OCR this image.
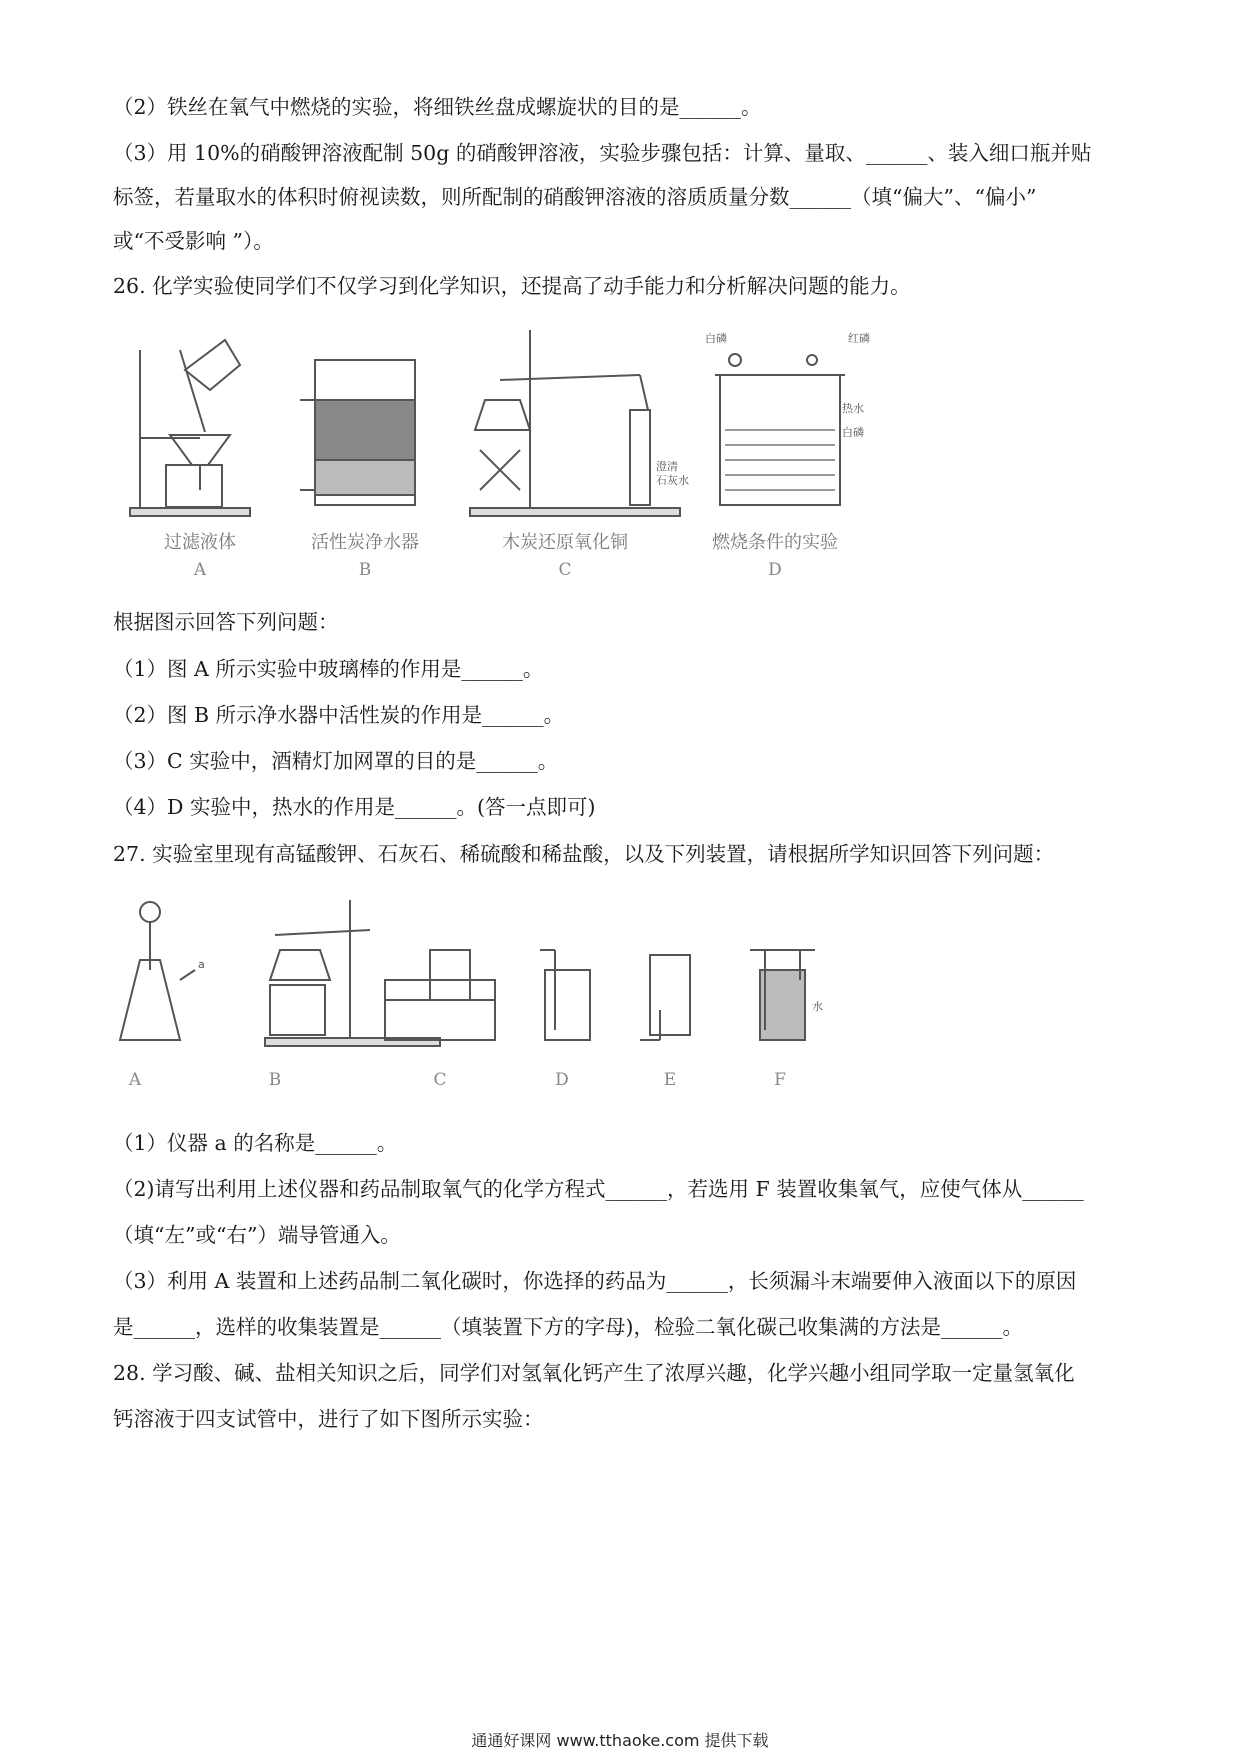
（2）铁丝在氧气中燃烧的实验，将细铁丝盘成螺旋状的目的是______。
（3）用 10%的硝酸钾溶液配制 50g 的硝酸钾溶液，实验步骤包括：计算、量取、______、装入细口瓶并贴
标签，若量取水的体积时俯视读数，则所配制的硝酸钾溶液的溶质质量分数______（填“偏大”、“偏小”
或“不受影响 ”）。
26. 化学实验使同学们不仅学习到化学知识，还提高了动手能力和分析解决问题的能力。
澄清
石灰水
白磷	红磷
热水
白磷
过滤液体	活性炭净水器	木炭还原氧化铜	燃烧条件的实验
A	B	C	D
根据图示回答下列问题：
（1）图 A 所示实验中玻璃棒的作用是______。
（2）图 B 所示净水器中活性炭的作用是______。
（3）C 实验中，酒精灯加网罩的目的是______。
（4）D 实验中，热水的作用是______。(答一点即可)
27. 实验室里现有高锰酸钾、石灰石、稀硫酸和稀盐酸，以及下列装置，请根据所学知识回答下列问题：
a
水
A	B	C	D	E	F
（1）仪器 a 的名称是______。
（2)请写出利用上述仪器和药品制取氧气的化学方程式______，若选用 F 装置收集氧气，应使气体从______
（填“左”或“右”）端导管通入。
（3）利用 A 装置和上述药品制二氧化碳时，你选择的药品为______，长须漏斗末端要伸入液面以下的原因
是______，选样的收集装置是______（填装置下方的字母)，检验二氧化碳己收集满的方法是______。
28. 学习酸、碱、盐相关知识之后，同学们对氢氧化钙产生了浓厚兴趣，化学兴趣小组同学取一定量氢氧化
钙溶液于四支试管中，进行了如下图所示实验：
通通好课网 www.tthaoke.com 提供下载
